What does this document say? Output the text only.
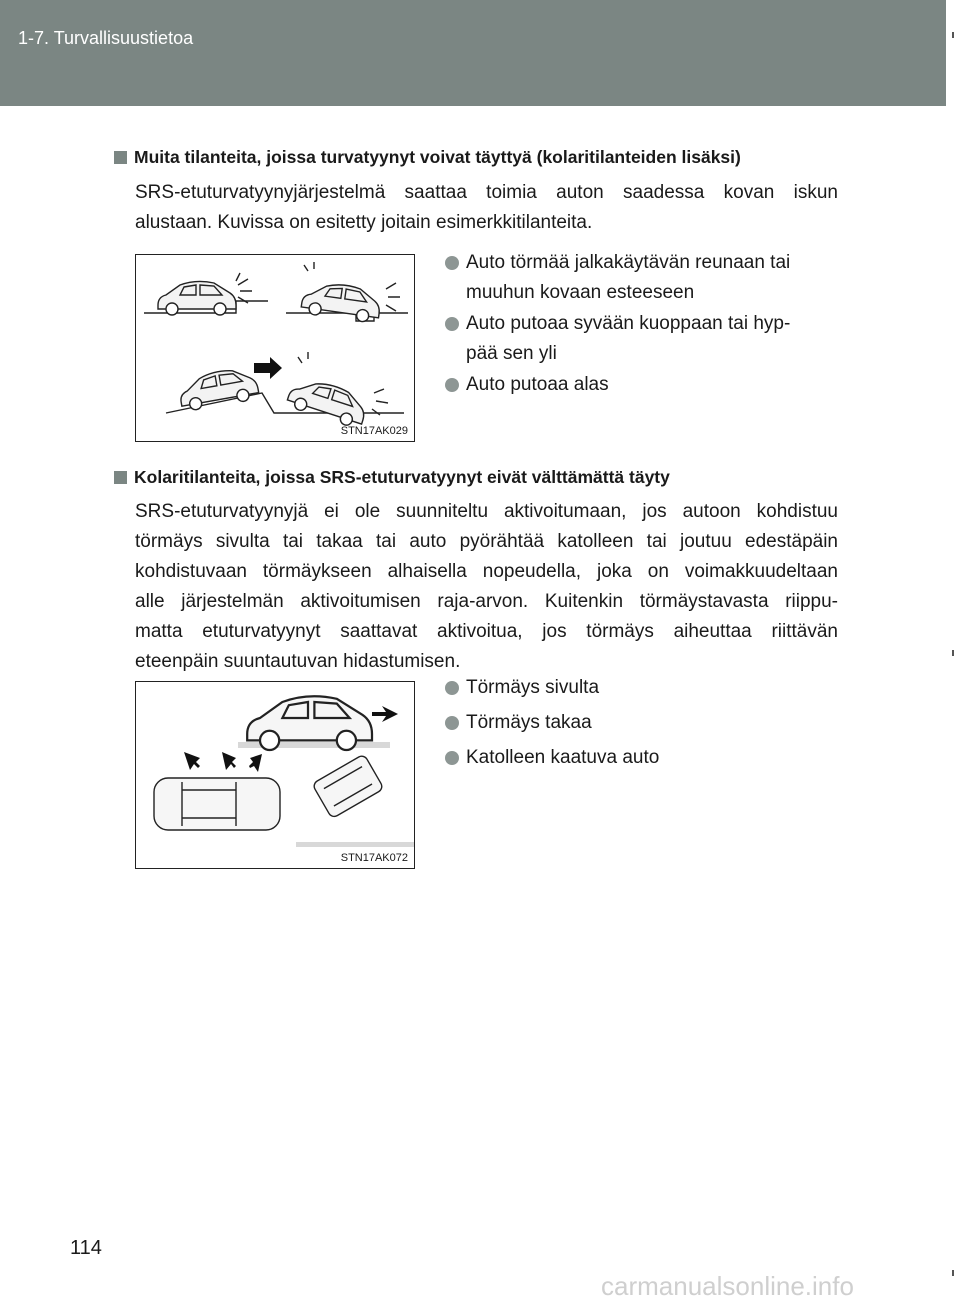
1-7. Turvallisuustietoa
Muita tilanteita, joissa turvatyynyt voivat täyttyä (kolaritilanteiden lisäksi)
SRS-etuturvatyynyjärjestelmä saattaa toimia auton saadessa kovan iskun
alustaan. Kuvissa on esitetty joitain esimerkkitilanteita.
STN17AK029
Auto törmää jalkakäytävän reunaan tai
muuhun kovaan esteeseen
Auto putoaa syvään kuoppaan tai hyp-
pää sen yli
Auto putoaa alas
Kolaritilanteita, joissa SRS-etuturvatyynyt eivät välttämättä täyty
SRS-etuturvatyynyjä ei ole suunniteltu aktivoitumaan, jos autoon kohdistuu
törmäys sivulta tai takaa tai auto pyörähtää katolleen tai joutuu edestäpäin
kohdistuvaan törmäykseen alhaisella nopeudella, joka on voimakkuudeltaan
alle järjestelmän aktivoitumisen raja-arvon. Kuitenkin törmäystavasta riippu-
matta etuturvatyynyt saattavat aktivoitua, jos törmäys aiheuttaa riittävän
eteenpäin suuntautuvan hidastumisen.
STN17AK072
Törmäys sivulta
Törmäys takaa
Katolleen kaatuva auto
114
carmanualsonline.info
